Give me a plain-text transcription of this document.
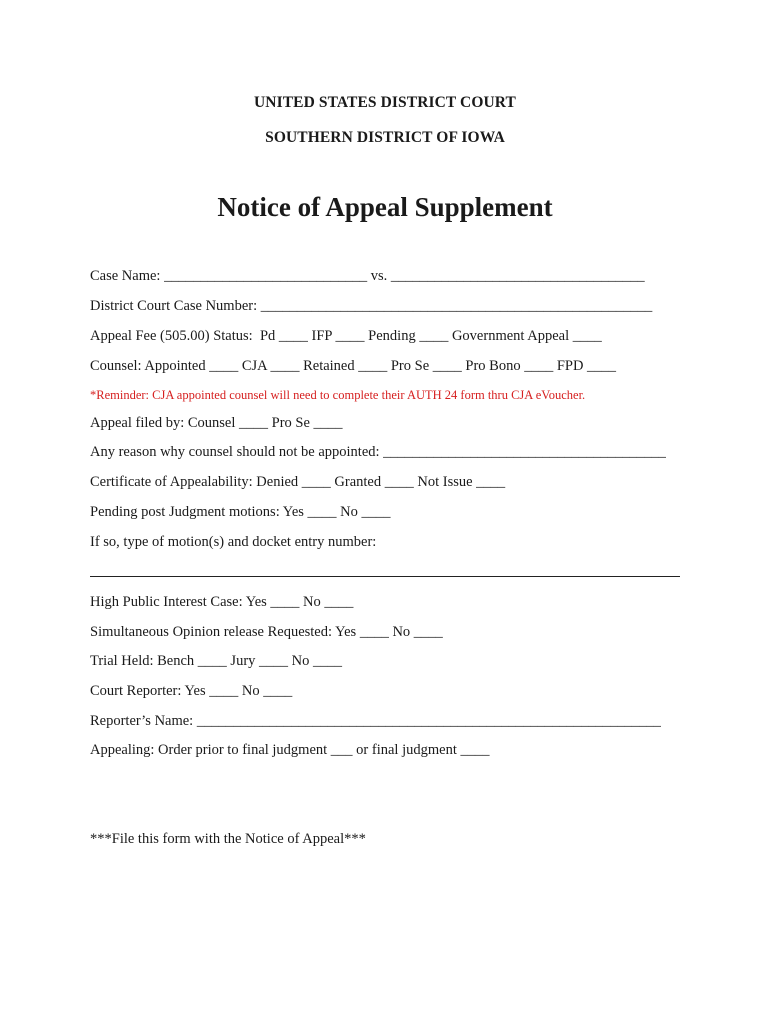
UNITED STATES DISTRICT COURT
SOUTHERN DISTRICT OF IOWA
Notice of Appeal Supplement
Case Name: ____________________________ vs. ___________________________________
District Court Case Number: ______________________________________________________
Appeal Fee (505.00) Status:  Pd ____ IFP ____ Pending ____ Government Appeal ____
Counsel: Appointed ____ CJA ____ Retained ____ Pro Se ____ Pro Bono ____ FPD ____
*Reminder: CJA appointed counsel will need to complete their AUTH 24 form thru CJA eVoucher.
Appeal filed by: Counsel ____ Pro Se ____
Any reason why counsel should not be appointed: _______________________________________
Certificate of Appealability: Denied ____ Granted ____ Not Issue ____
Pending post Judgment motions: Yes ____ No ____
If so, type of motion(s) and docket entry number:
High Public Interest Case: Yes ____ No ____
Simultaneous Opinion release Requested: Yes ____ No ____
Trial Held: Bench ____ Jury ____ No ____
Court Reporter: Yes ____ No ____
Reporter’s Name: ________________________________________________________________
Appealing: Order prior to final judgment ___ or final judgment ____
***File this form with the Notice of Appeal***
